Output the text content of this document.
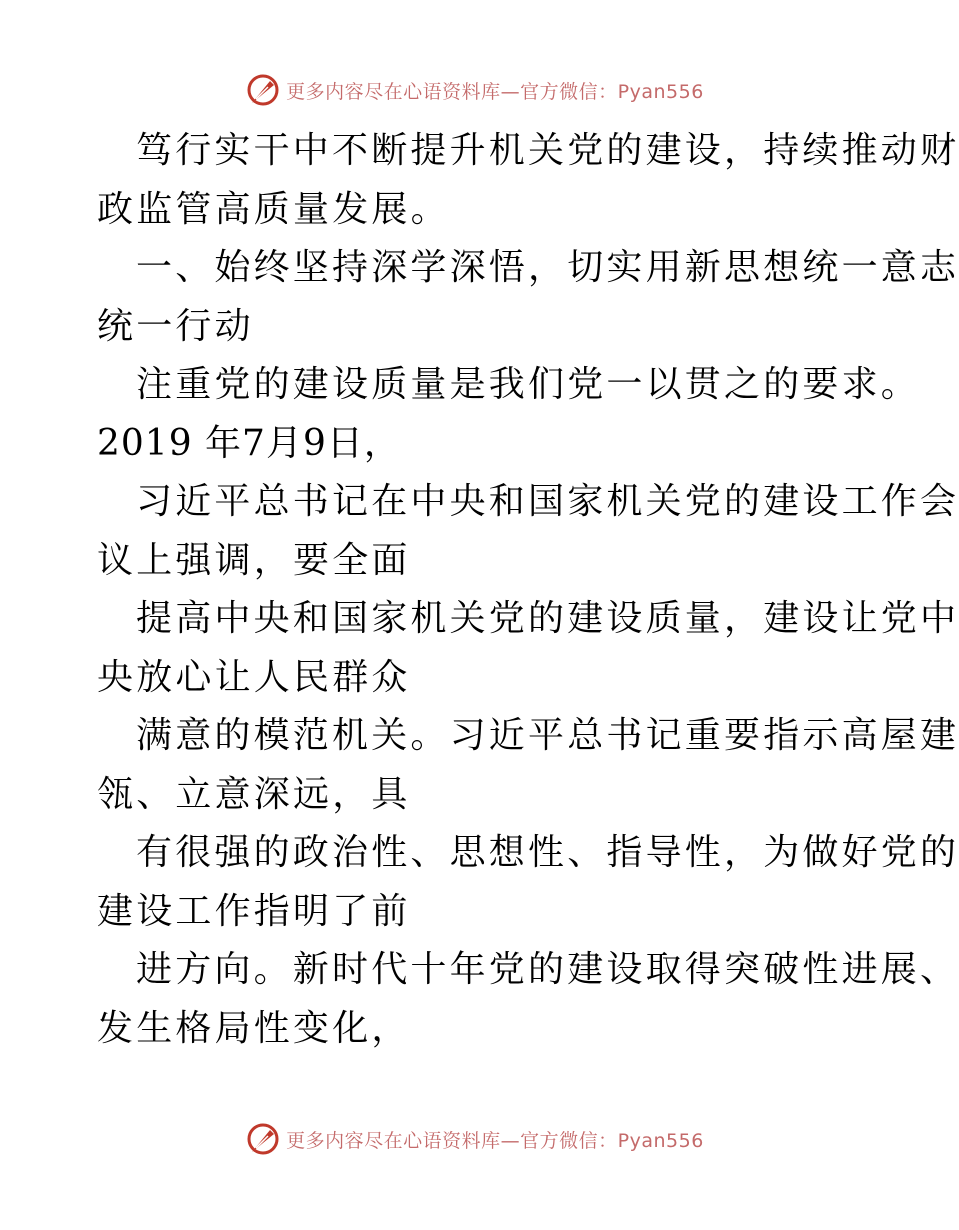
更多内容尽在心语资料库—官方微信：Pyan556
笃行实干中不断提升机关党的建设，持续推动财
政监管高质量发展。
一、始终坚持深学深悟，切实用新思想统一意志
统一行动
注重党的建设质量是我们党一以贯之的要求。
2019 年7月9日，
习近平总书记在中央和国家机关党的建设工作会
议上强调，要全面
提高中央和国家机关党的建设质量，建设让党中
央放心让人民群众
满意的模范机关。习近平总书记重要指示高屋建
瓴、立意深远，具
有很强的政治性、思想性、指导性，为做好党的
建设工作指明了前
进方向。新时代十年党的建设取得突破性进展、
发生格局性变化，
更多内容尽在心语资料库—官方微信：Pyan556
